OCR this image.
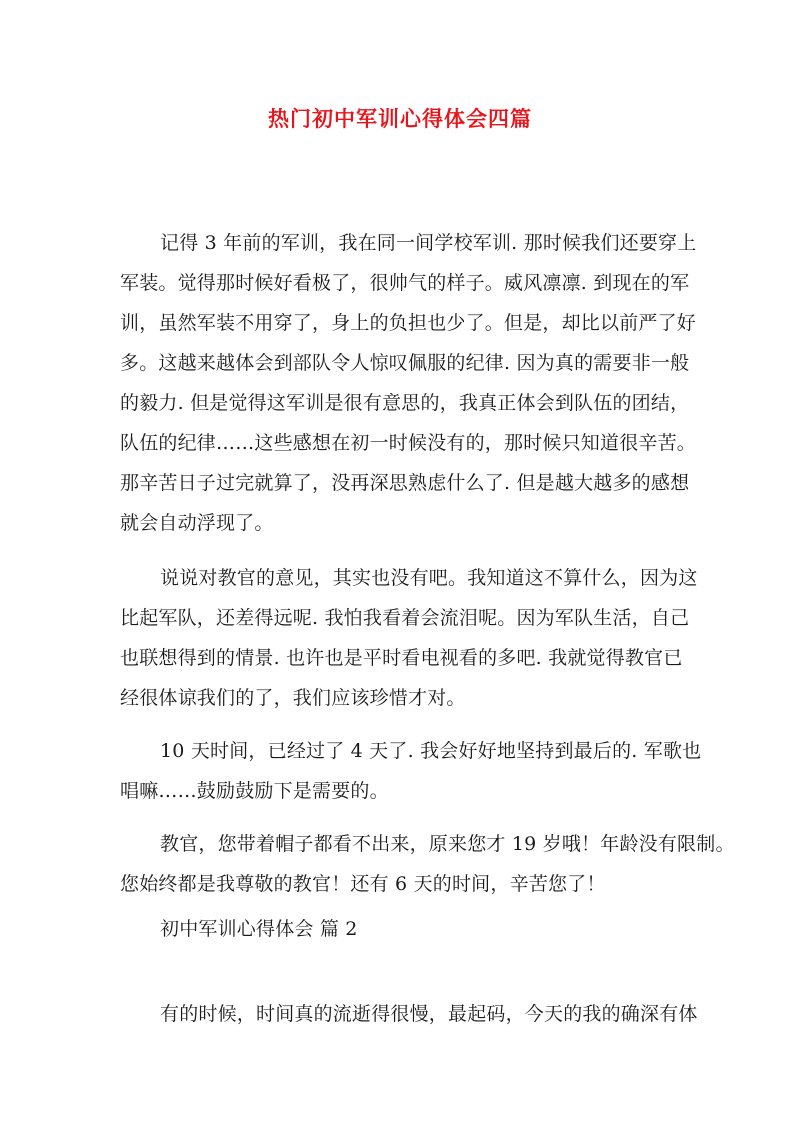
热门初中军训心得体会四篇
记得 3 年前的军训，我在同一间学校军训. 那时候我们还要穿上
军装。觉得那时候好看极了，很帅气的样子。威风凛凛. 到现在的军
训，虽然军装不用穿了，身上的负担也少了。但是，却比以前严了好
多。这越来越体会到部队令人惊叹佩服的纪律. 因为真的需要非一般
的毅力. 但是觉得这军训是很有意思的，我真正体会到队伍的团结，
队伍的纪律……这些感想在初一时候没有的，那时候只知道很辛苦。
那辛苦日子过完就算了，没再深思熟虑什么了. 但是越大越多的感想
就会自动浮现了。
说说对教官的意见，其实也没有吧。我知道这不算什么，因为这
比起军队，还差得远呢. 我怕我看着会流泪呢。因为军队生活，自己
也联想得到的情景. 也许也是平时看电视看的多吧. 我就觉得教官已
经很体谅我们的了，我们应该珍惜才对。
10 天时间，已经过了 4 天了. 我会好好地坚持到最后的. 军歌也
唱嘛……鼓励鼓励下是需要的。
教官，您带着帽子都看不出来，原来您才 19 岁哦！年龄没有限制。
您始终都是我尊敬的教官！还有 6 天的时间，辛苦您了！
初中军训心得体会 篇 2
有的时候，时间真的流逝得很慢，最起码，今天的我的确深有体
